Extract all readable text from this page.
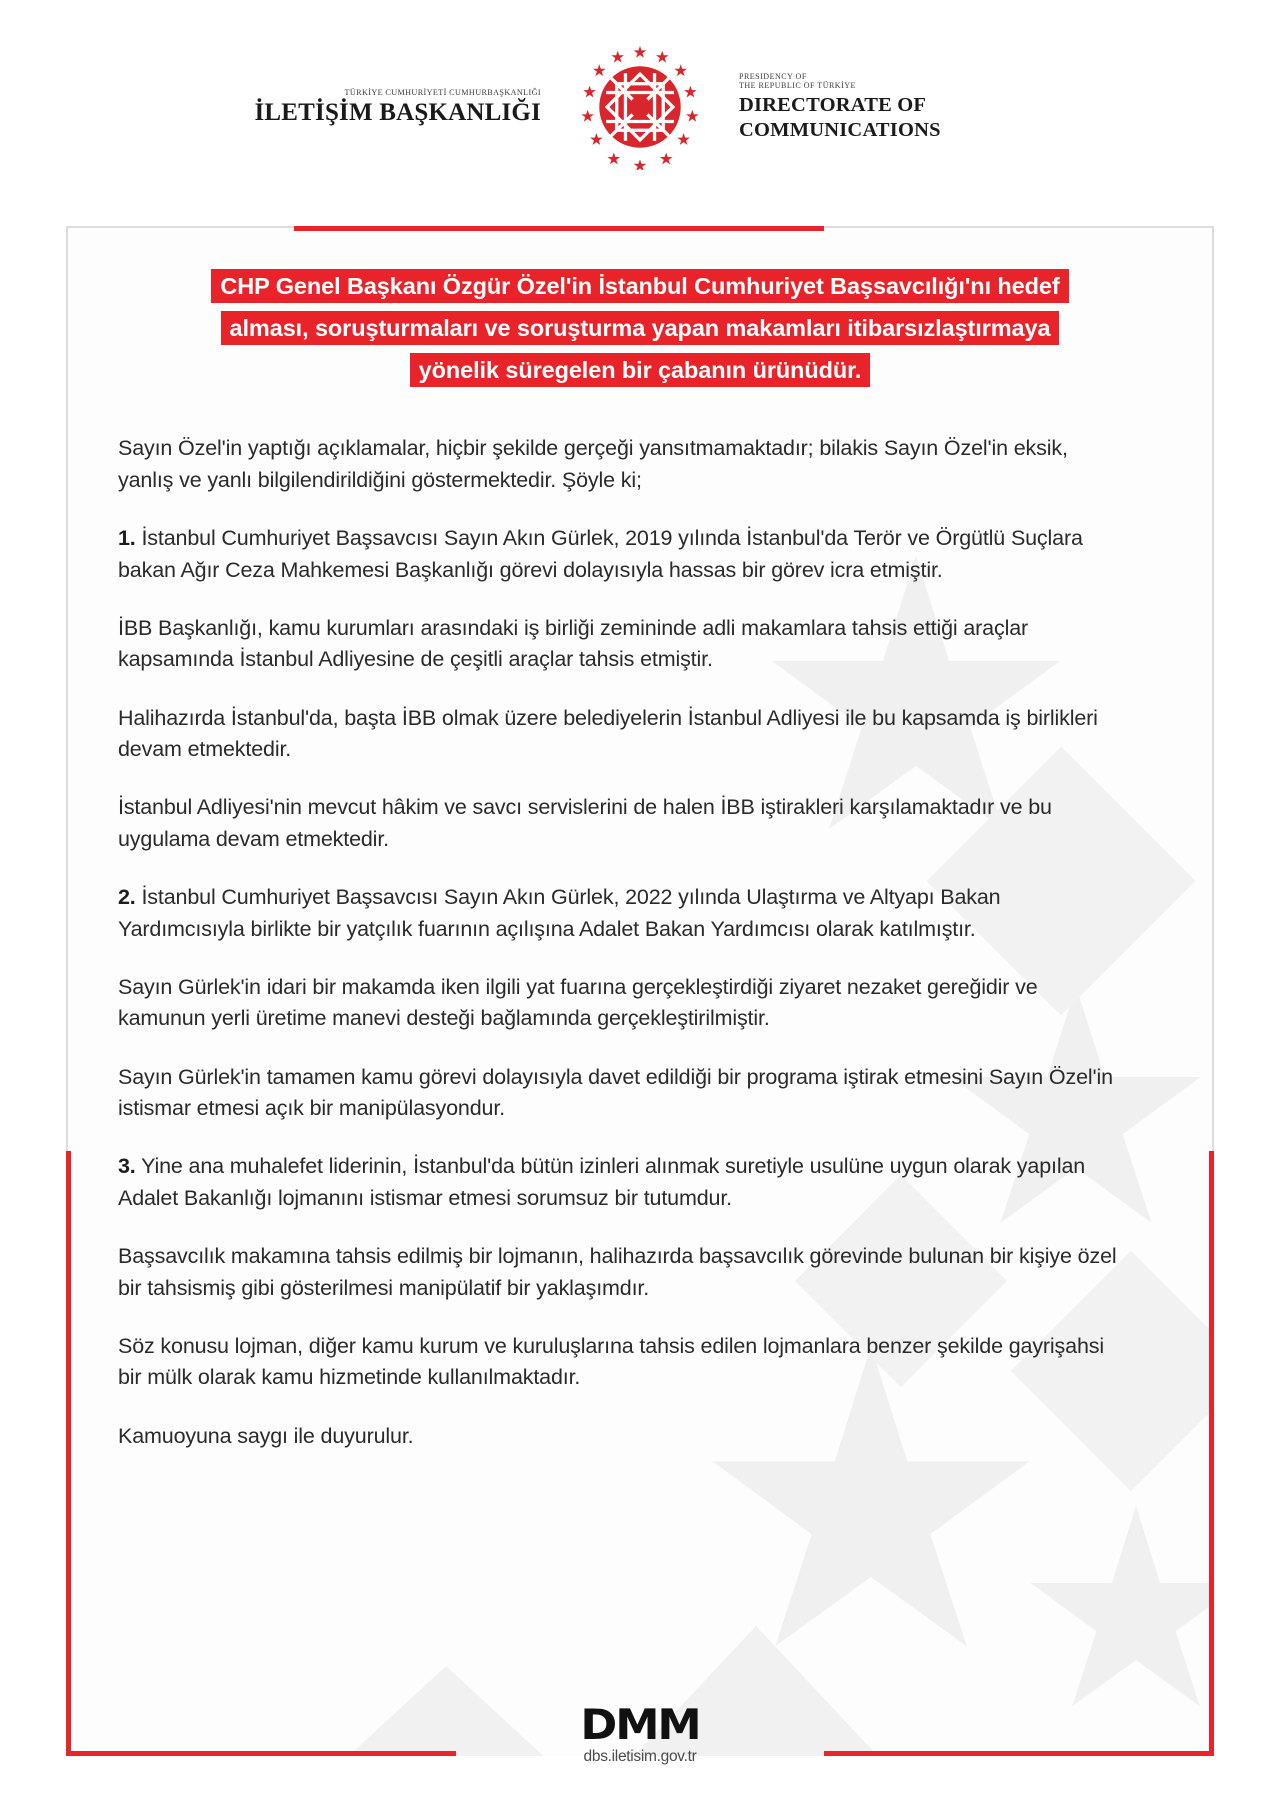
TÜRKİYE CUMHURİYETİ CUMHURBAŞKANLIĞI
İLETİŞİM BAŞKANLIĞI
PRESIDENCY OF
THE REPUBLIC OF TÜRKİYE
DIRECTORATE OF
COMMUNICATIONS
CHP Genel Başkanı Özgür Özel'in İstanbul Cumhuriyet Başsavcılığı'nı hedef
alması, soruşturmaları ve soruşturma yapan makamları itibarsızlaştırmaya
yönelik süregelen bir çabanın ürünüdür.

Sayın Özel'in yaptığı açıklamalar, hiçbir şekilde gerçeği yansıtmamaktadır; bilakis Sayın Özel'in eksik, yanlış ve yanlı bilgilendirildiğini göstermektedir. Şöyle ki;

1. İstanbul Cumhuriyet Başsavcısı Sayın Akın Gürlek, 2019 yılında İstanbul'da Terör ve Örgütlü Suçlara bakan Ağır Ceza Mahkemesi Başkanlığı görevi dolayısıyla hassas bir görev icra etmiştir.

İBB Başkanlığı, kamu kurumları arasındaki iş birliği zemininde adli makamlara tahsis ettiği araçlar kapsamında İstanbul Adliyesine de çeşitli araçlar tahsis etmiştir.

Halihazırda İstanbul'da, başta İBB olmak üzere belediyelerin İstanbul Adliyesi ile bu kapsamda iş birlikleri devam etmektedir.

İstanbul Adliyesi'nin mevcut hâkim ve savcı servislerini de halen İBB iştirakleri karşılamaktadır ve bu uygulama devam etmektedir.

2. İstanbul Cumhuriyet Başsavcısı Sayın Akın Gürlek, 2022 yılında Ulaştırma ve Altyapı Bakan Yardımcısıyla birlikte bir yatçılık fuarının açılışına Adalet Bakan Yardımcısı olarak katılmıştır.

Sayın Gürlek'in idari bir makamda iken ilgili yat fuarına gerçekleştirdiği ziyaret nezaket gereğidir ve kamunun yerli üretime manevi desteği bağlamında gerçekleştirilmiştir.

Sayın Gürlek'in tamamen kamu görevi dolayısıyla davet edildiği bir programa iştirak etmesini Sayın Özel'in istismar etmesi açık bir manipülasyondur.

3. Yine ana muhalefet liderinin, İstanbul'da bütün izinleri alınmak suretiyle usulüne uygun olarak yapılan Adalet Bakanlığı lojmanını istismar etmesi sorumsuz bir tutumdur.

Başsavcılık makamına tahsis edilmiş bir lojmanın, halihazırda başsavcılık görevinde bulunan bir kişiye özel bir tahsismiş gibi gösterilmesi manipülatif bir yaklaşımdır.

Söz konusu lojman, diğer kamu kurum ve kuruluşlarına tahsis edilen lojmanlara benzer şekilde gayrişahsi bir mülk olarak kamu hizmetinde kullanılmaktadır.

Kamuoyuna saygı ile duyurulur.

DMM
dbs.iletisim.gov.tr
